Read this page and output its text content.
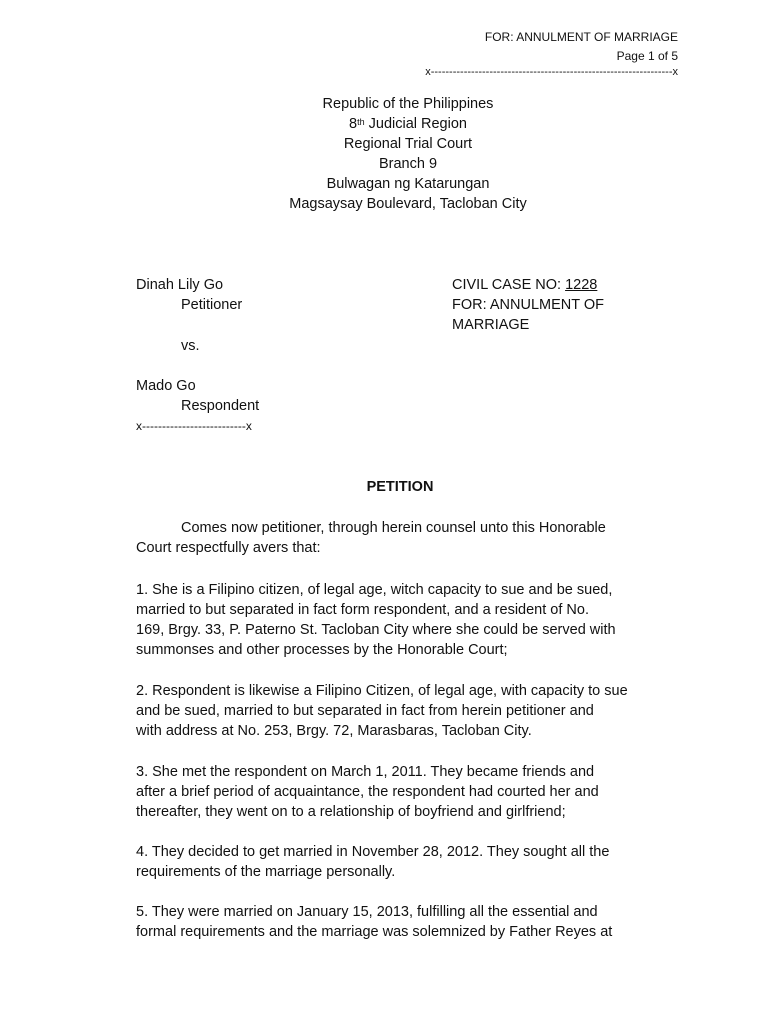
FOR: ANNULMENT OF MARRIAGE
Page 1 of 5
x------------------------------------------------------------------x
Republic of the Philippines
8th Judicial Region
Regional Trial Court
Branch 9
Bulwagan ng Katarungan
Magsaysay Boulevard, Tacloban City
Dinah Lily Go
Petitioner
vs.
Mado Go
Respondent
x--------------------------x
CIVIL CASE NO: 1228
FOR: ANNULMENT OF
MARRIAGE
PETITION
Comes now petitioner, through herein counsel unto this Honorable
Court respectfully avers that:
1. She is a Filipino citizen, of legal age, witch capacity to sue and be sued,
married to but separated in fact form respondent, and a resident of No.
169, Brgy. 33, P. Paterno St. Tacloban City where she could be served with
summonses and other processes by the Honorable Court;
2. Respondent is likewise a Filipino Citizen, of legal age, with capacity to sue
and be sued, married to but separated in fact from herein petitioner and
with address at No. 253, Brgy. 72, Marasbaras, Tacloban City.
3. She met the respondent on March 1, 2011. They became friends and
after a brief period of acquaintance, the respondent had courted her and
thereafter, they went on to a relationship of boyfriend and girlfriend;
4. They decided to get married in November 28, 2012. They sought all the
requirements of the marriage personally.
5. They were married on January 15, 2013, fulfilling all the essential and
formal requirements and the marriage was solemnized by Father Reyes at
